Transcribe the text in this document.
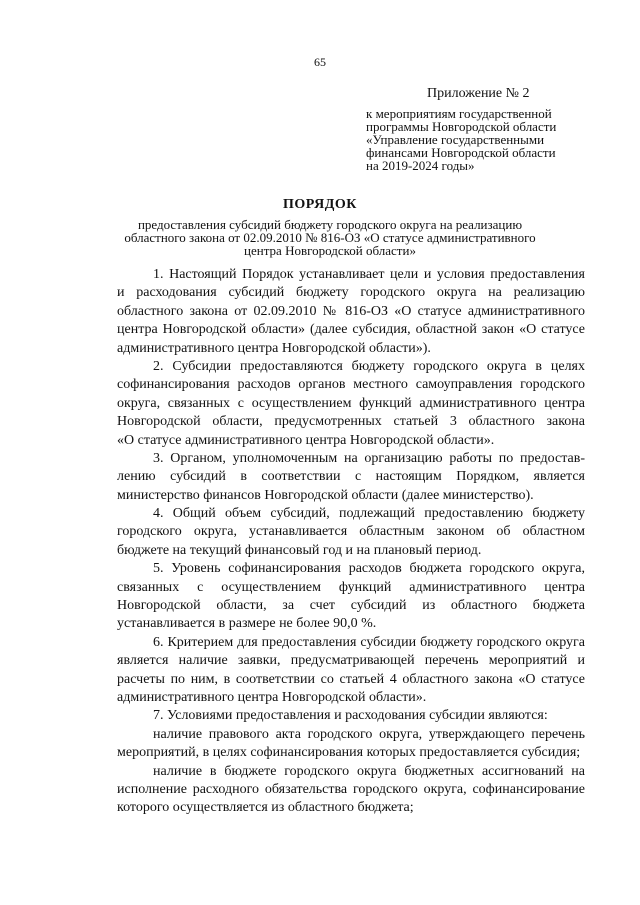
65
Приложение № 2
к мероприятиям государственной
программы Новгородской области
«Управление государственными
финансами Новгородской области
на 2019-2024 годы»
ПОРЯДОК
предоставления субсидий бюджету городского округа на реализацию
областного закона от 02.09.2010 № 816-ОЗ «О статусе административного
центра Новгородской области»
1. Настоящий Порядок устанавливает цели и условия предоставления
и расходования субсидий бюджету городского округа на реализацию
областного закона от 02.09.2010 № 816-ОЗ «О статусе административного
центра Новгородской области» (далее субсидия, областной закон «О статусе
административного центра Новгородской области»).
2. Субсидии предоставляются бюджету городского округа в целях
софинансирования расходов органов местного самоуправления городского
округа, связанных с осуществлением функций административного центра
Новгородской области, предусмотренных статьей 3 областного закона
«О статусе административного центра Новгородской области».
3. Органом, уполномоченным на организацию работы по предостав-
лению субсидий в соответствии с настоящим Порядком, является
министерство финансов Новгородской области (далее министерство).
4. Общий объем субсидий, подлежащий предоставлению бюджету
городского округа, устанавливается областным законом об областном
бюджете на текущий финансовый год и на плановый период.
5. Уровень софинансирования расходов бюджета городского округа,
связанных с осуществлением функций административного центра
Новгородской области, за счет субсидий из областного бюджета
устанавливается в размере не более 90,0 %.
6. Критерием для предоставления субсидии бюджету городского округа
является наличие заявки, предусматривающей перечень мероприятий и
расчеты по ним, в соответствии со статьей 4 областного закона «О статусе
административного центра Новгородской области».
7. Условиями предоставления и расходования субсидии являются:
наличие правового акта городского округа, утверждающего перечень
мероприятий, в целях софинансирования которых предоставляется субсидия;
наличие в бюджете городского округа бюджетных ассигнований на
исполнение расходного обязательства городского округа, софинансирование
которого осуществляется из областного бюджета;
